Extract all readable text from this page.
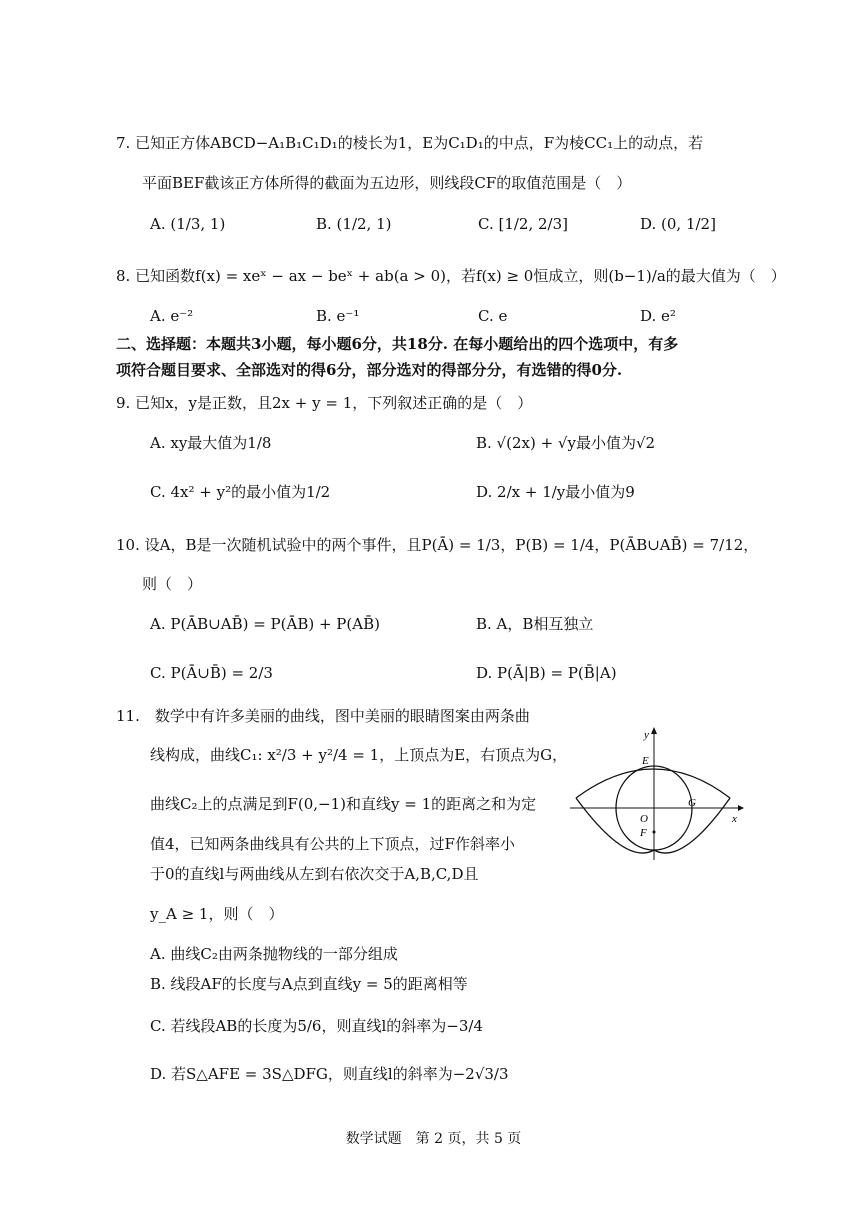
7. 已知正方体ABCD−A₁B₁C₁D₁的棱长为1，E为C₁D₁的中点，F为棱CC₁上的动点，若
平面BEF截该正方体所得的截面为五边形，则线段CF的取值范围是（　）
A. (1/3, 1)	B. (1/2, 1)	C. [1/2, 2/3]	D. (0, 1/2]
8. 已知函数f(x) = xeˣ − ax − beˣ + ab(a > 0)，若f(x) ≥ 0恒成立，则(b−1)/a的最大值为（　）
A. e⁻²	B. e⁻¹	C. e	D. e²
二、选择题：本题共3小题，每小题6分，共18分. 在每小题给出的四个选项中，有多
项符合题目要求、全部选对的得6分，部分选对的得部分分，有选错的得0分.
9. 已知x，y是正数，且2x + y = 1，下列叙述正确的是（　）
A. xy最大值为1/8	B. √(2x) + √y最小值为√2
C. 4x² + y²的最小值为1/2	D. 2/x + 1/y最小值为9
10. 设A，B是一次随机试验中的两个事件，且P(Ā) = 1/3，P(B) = 1/4，P(ĀB∪AB̄) = 7/12，
则（　）
A. P(ĀB∪AB̄) = P(ĀB) + P(AB̄)	B. A，B相互独立
C. P(Ā∪B̄) = 2/3	D. P(Ā|B) = P(B̄|A)
11.　数学中有许多美丽的曲线，图中美丽的眼睛图案由两条曲
线构成，曲线C₁: x²/3 + y²/4 = 1，上顶点为E，右顶点为G，
曲线C₂上的点满足到F(0,−1)和直线y = 1的距离之和为定
值4，已知两条曲线具有公共的上下顶点，过F作斜率小
于0的直线l与两曲线从左到右依次交于A,B,C,D且
y_A ≥ 1，则（　）
A. 曲线C₂由两条抛物线的一部分组成
B. 线段AF的长度与A点到直线y = 5的距离相等
C. 若线段AB的长度为5/6，则直线l的斜率为−3/4
D. 若S△AFE = 3S△DFG，则直线l的斜率为−2√3/3
y
x
E
G
O
F
数学试题　第 2 页，共 5 页
